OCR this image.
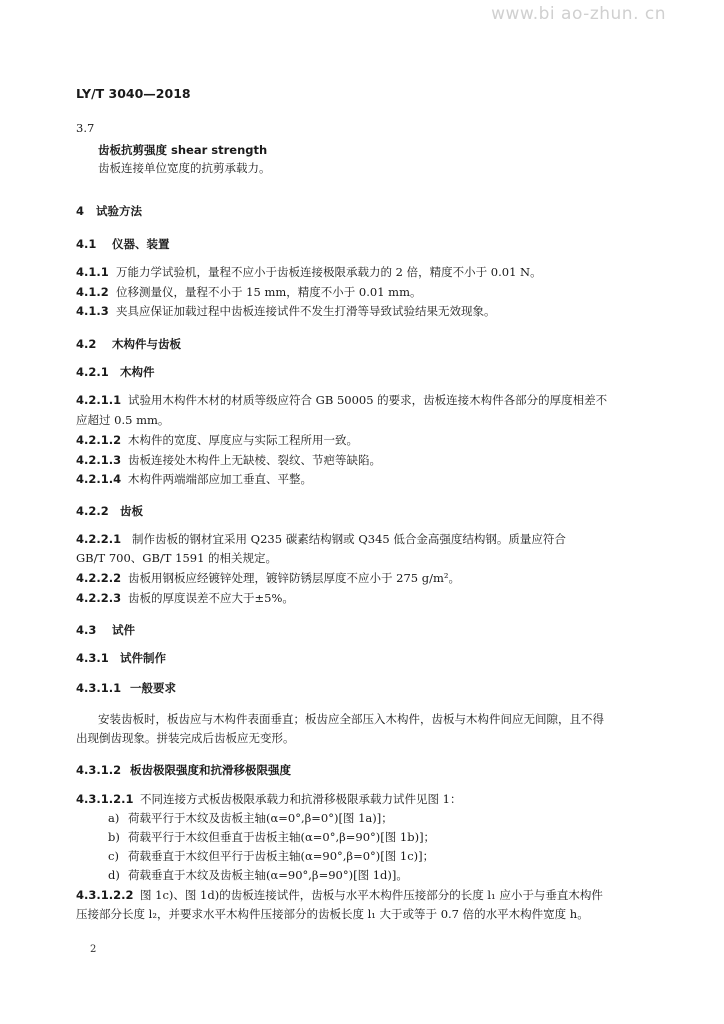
www.bi ao-zhun. cn
LY/T 3040—2018
3.7
齿板抗剪强度 shear strength
齿板连接单位宽度的抗剪承载力。
4 试验方法
4.1 仪器、装置
4.1.1 万能力学试验机，量程不应小于齿板连接极限承载力的 2 倍，精度不小于 0.01 N。
4.1.2 位移测量仪，量程不小于 15 mm，精度不小于 0.01 mm。
4.1.3 夹具应保证加载过程中齿板连接试件不发生打滑等导致试验结果无效现象。
4.2 木构件与齿板
4.2.1 木构件
4.2.1.1 试验用木构件木材的材质等级应符合 GB 50005 的要求，齿板连接木构件各部分的厚度相差不
应超过 0.5 mm。
4.2.1.2 木构件的宽度、厚度应与实际工程所用一致。
4.2.1.3 齿板连接处木构件上无缺棱、裂纹、节疤等缺陷。
4.2.1.4 木构件两端端部应加工垂直、平整。
4.2.2 齿板
4.2.2.1 制作齿板的钢材宜采用 Q235 碳素结构钢或 Q345 低合金高强度结构钢。质量应符合
GB/T 700、GB/T 1591 的相关规定。
4.2.2.2 齿板用钢板应经镀锌处理，镀锌防锈层厚度不应小于 275 g/m²。
4.2.2.3 齿板的厚度误差不应大于±5%。
4.3 试件
4.3.1 试件制作
4.3.1.1 一般要求
安装齿板时，板齿应与木构件表面垂直；板齿应全部压入木构件，齿板与木构件间应无间隙，且不得
出现倒齿现象。拼装完成后齿板应无变形。
4.3.1.2 板齿极限强度和抗滑移极限强度
4.3.1.2.1 不同连接方式板齿极限承载力和抗滑移极限承载力试件见图 1：
a) 荷载平行于木纹及齿板主轴(α=0°,β=0°)[图 1a)]；
b) 荷载平行于木纹但垂直于齿板主轴(α=0°,β=90°)[图 1b)]；
c) 荷载垂直于木纹但平行于齿板主轴(α=90°,β=0°)[图 1c)]；
d) 荷载垂直于木纹及齿板主轴(α=90°,β=90°)[图 1d)]。
4.3.1.2.2 图 1c)、图 1d)的齿板连接试件，齿板与水平木构件压接部分的长度 l₁ 应小于与垂直木构件
压接部分长度 l₂，并要求水平木构件压接部分的齿板长度 l₁ 大于或等于 0.7 倍的水平木构件宽度 h。
2
